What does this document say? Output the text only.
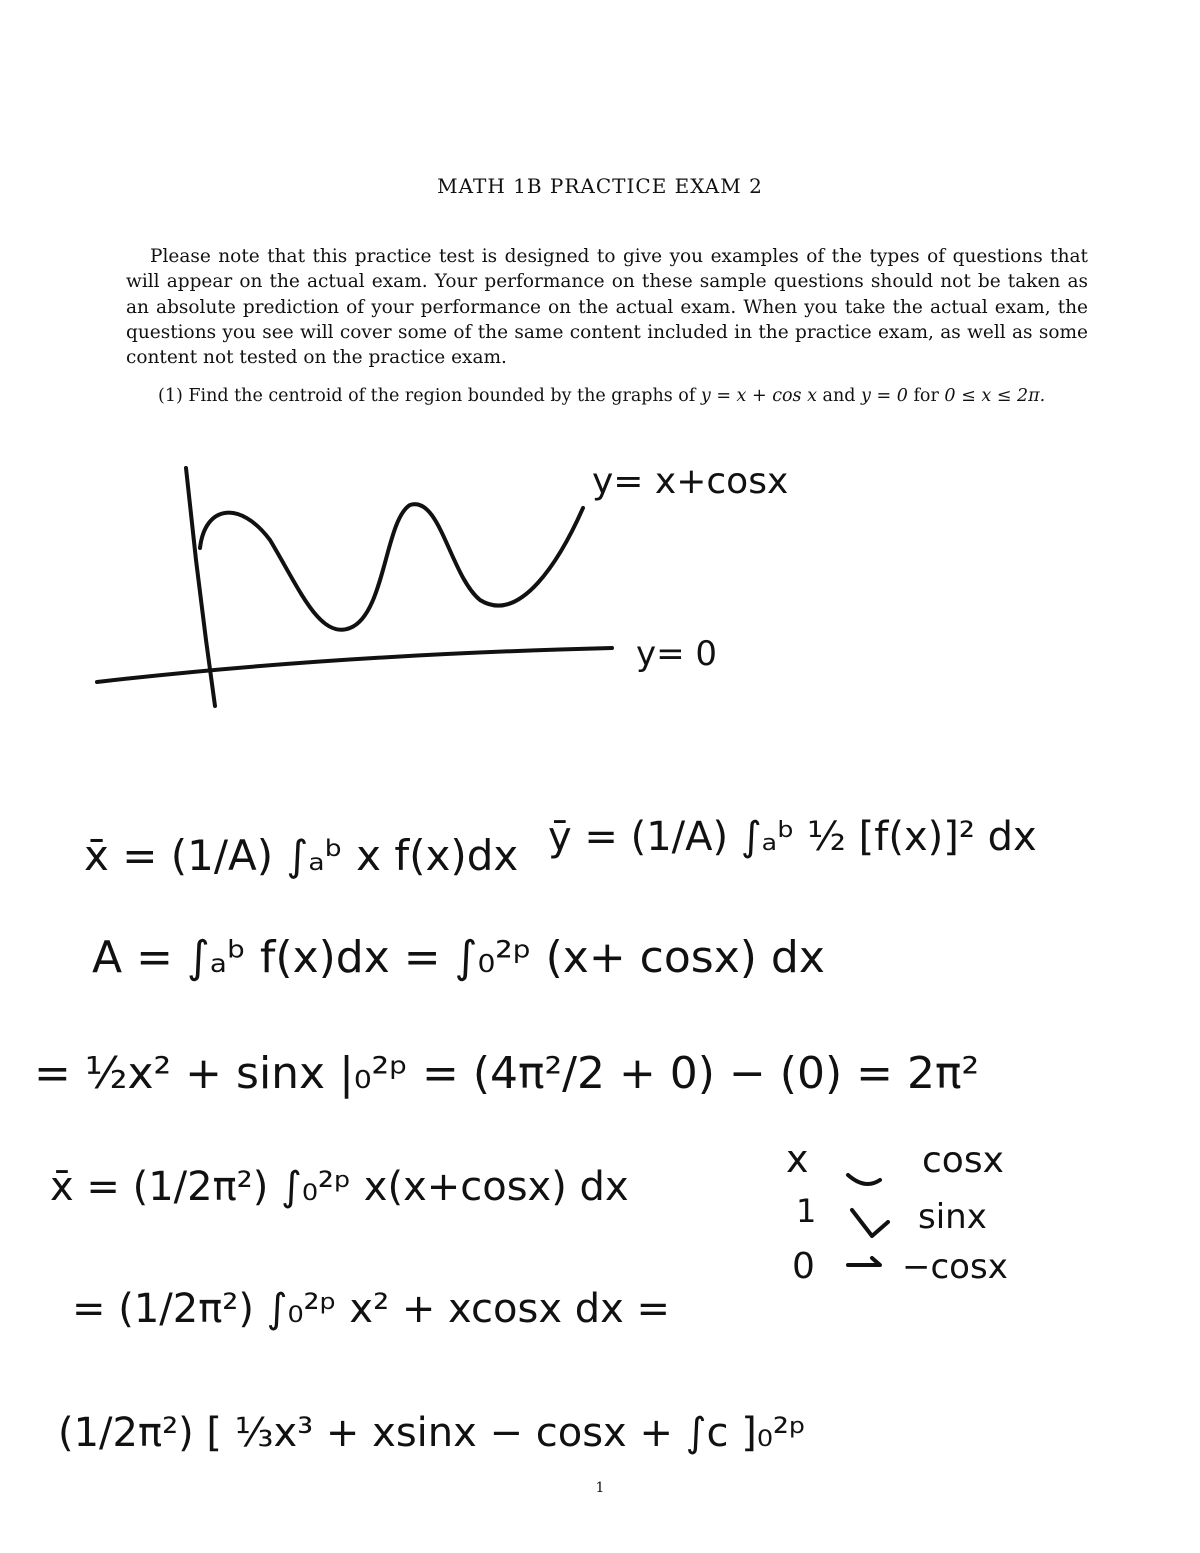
MATH 1B PRACTICE EXAM 2
Please note that this practice test is designed to give you examples of the types of questions that will appear on the actual exam. Your performance on these sample questions should not be taken as an absolute prediction of your performance on the actual exam. When you take the actual exam, the questions you see will cover some of the same content included in the practice exam, as well as some content not tested on the practice exam.
(1) Find the centroid of the region bounded by the graphs of y = x + cos x and y = 0 for 0 ≤ x ≤ 2π.
y= x+cosx
y= 0
x̄ = (1/A) ∫ₐᵇ x f(x)dx ȳ = (1/A) ∫ₐᵇ ½ [f(x)]² dx
A = ∫ₐᵇ f(x)dx = ∫₀²ᵖ (x+ cosx) dx
= ½x² + sinx |₀²ᵖ = (4π²/2 + 0) − (0) = 2π²
x̄ = (1/2π²) ∫₀²ᵖ x(x+cosx) dx
= (1/2π²) ∫₀²ᵖ x² + xcosx dx =
(1/2π²) [ ⅓x³ + xsinx − cosx + ∫c ]₀²ᵖ
x
1
0
cosx
sinx
−cosx
1
